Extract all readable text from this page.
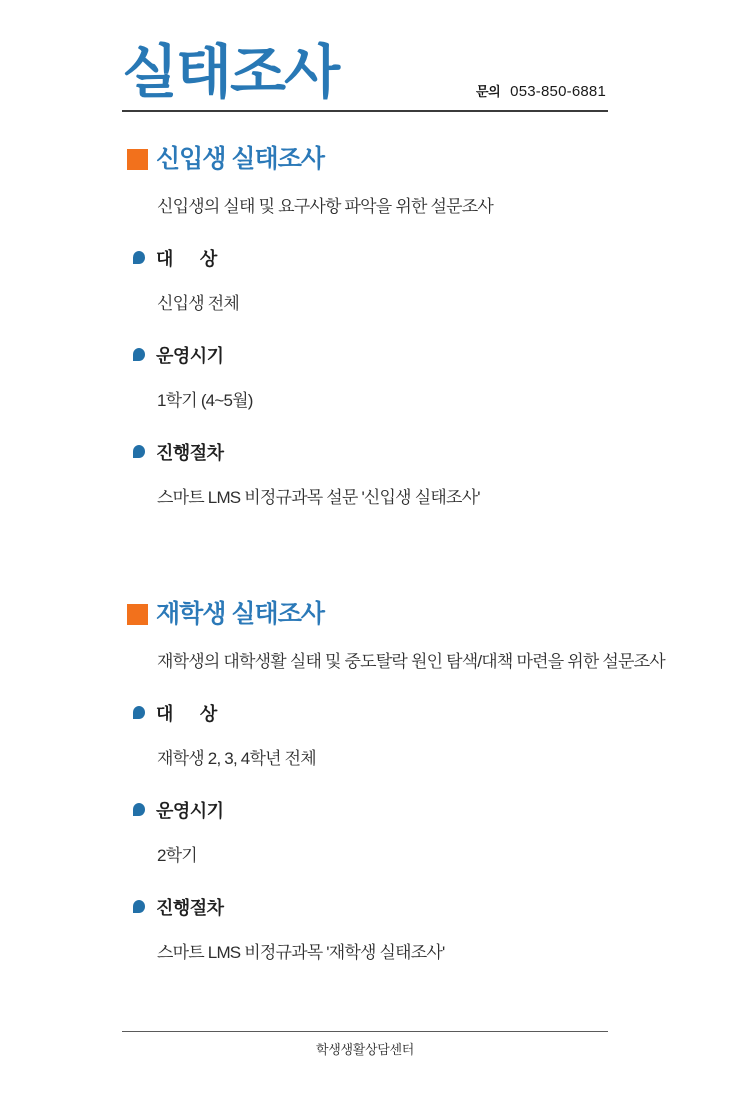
실태조사	문의 053-850-6881
신입생 실태조사
신입생의 실태 및 요구사항 파악을 위한 설문조사
대      상
신입생 전체
운영시기
1학기 (4~5월)
진행절차
스마트 LMS 비정규과목 설문 '신입생 실태조사'
재학생 실태조사
재학생의 대학생활 실태 및 중도탈락 원인 탐색/대책 마련을 위한 설문조사
대      상
재학생 2, 3, 4학년 전체
운영시기
2학기
진행절차
스마트 LMS 비정규과목 '재학생 실태조사'
학생생활상담센터
